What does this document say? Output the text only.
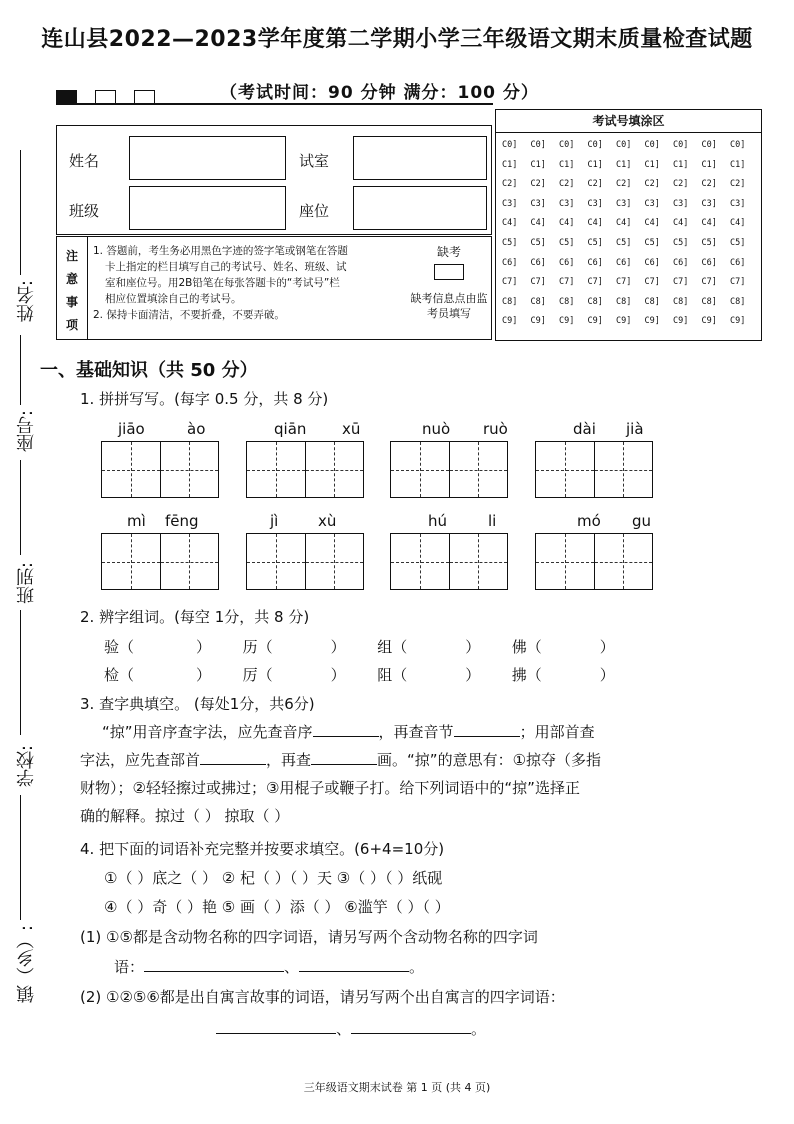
连山县2022—2023学年度第二学期小学三年级语文期末质量检查试题
（考试时间：90 分钟 满分：100 分）
姓名	试室
班级	座位
注
意
事
项
1. 答题前，考生务必用黑色字迹的签字笔或钢笔在答题
卡上指定的栏目填写自己的考试号、姓名、班级、试
室和座位号。用2B铅笔在每张答题卡的“考试号”栏
相应位置填涂自己的考试号。
2. 保持卡面清洁，不要折叠，不要弄破。
缺考
缺考信息点由监考员填写
考试号填涂区
C0] C0] C0] C0] C0] C0] C0] C0] C0]
C1] C1] C1] C1] C1] C1] C1] C1] C1]
C2] C2] C2] C2] C2] C2] C2] C2] C2]
C3] C3] C3] C3] C3] C3] C3] C3] C3]
C4] C4] C4] C4] C4] C4] C4] C4] C4]
C5] C5] C5] C5] C5] C5] C5] C5] C5]
C6] C6] C6] C6] C6] C6] C6] C6] C6]
C7] C7] C7] C7] C7] C7] C7] C7] C7]
C8] C8] C8] C8] C8] C8] C8] C8] C8]
C9] C9] C9] C9] C9] C9] C9] C9] C9]
姓名:
座号:
班别:
学校:
镇（乡）:
一、基础知识（共 50 分）
1. 拼拼写写。(每字 0.5 分，共 8 分)
jiāo	ào	qiān xū	nuò ruò	dài jià
mì fēng	jì	xù	hú	li	mó gu
2. 辨字组词。(每空 1分，共 8 分)
验（	） 历（	） 组（	） 佛（	）
检（	） 厉（	） 阻（	） 拂（	）
3. 查字典填空。 (每处1分，共6分)
“掠”用音序查字法，应先查音序	，再查音节	；用部首查
字法，应先查部首	，再查	画。“掠”的意思有：①掠夺（多指
财物）；②轻轻擦过或拂过；③用棍子或鞭子打。给下列词语中的“掠”选择正
确的解释。掠过（ ） 掠取（ ）
4. 把下面的词语补充完整并按要求填空。(6+4=10分)
①（ ）底之（ ） ② 杞（ ）（ ）天 ③（ ）（ ）纸砚
④（ ）奇（ ）艳 ⑤ 画（ ）添（ ） ⑥滥竽（ ）（ ）
(1) ①⑤都是含动物名称的四字词语，请另写两个含动物名称的四字词
语：	、	。
(2) ①②⑤⑥都是出自寓言故事的词语，请另写两个出自寓言的四字词语：
、	。
三年级语文期末试卷 第 1 页 (共 4 页)
